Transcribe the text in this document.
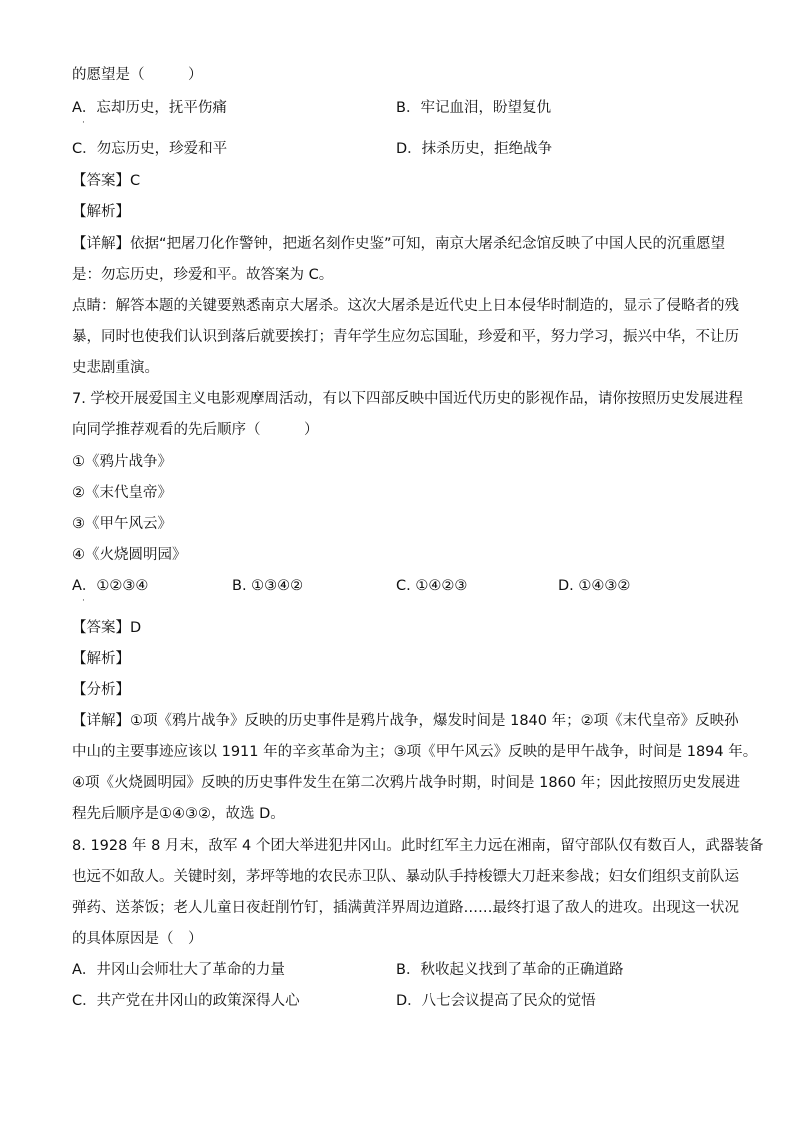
的愿望是（　　　）
A．忘却历史，抚平伤痛
·
B．牢记血泪，盼望复仇
C．勿忘历史，珍爱和平	D．抹杀历史，拒绝战争
【答案】C
【解析】
【详解】依据“把屠刀化作警钟，把逝名刻作史鉴”可知，南京大屠杀纪念馆反映了中国人民的沉重愿望
是：勿忘历史，珍爱和平。故答案为 C。
点睛：解答本题的关键要熟悉南京大屠杀。这次大屠杀是近代史上日本侵华时制造的，显示了侵略者的残
暴，同时也使我们认识到落后就要挨打；青年学生应勿忘国耻，珍爱和平，努力学习，振兴中华，不让历
史悲剧重演。
7. 学校开展爱国主义电影观摩周活动，有以下四部反映中国近代历史的影视作品，请你按照历史发展进程
向同学推荐观看的先后顺序（　　　）
①《鸦片战争》
②《末代皇帝》
③《甲午风云》
④《火烧圆明园》
A．①②③④
·
B. ①③④②	C. ①④②③	D. ①④③②
【答案】D
【解析】
【分析】
【详解】①项《鸦片战争》反映的历史事件是鸦片战争，爆发时间是 1840 年；②项《末代皇帝》反映孙
中山的主要事迹应该以 1911 年的辛亥革命为主；③项《甲午风云》反映的是甲午战争，时间是 1894 年。
④项《火烧圆明园》反映的历史事件发生在第二次鸦片战争时期，时间是 1860 年；因此按照历史发展进
程先后顺序是①④③②，故选 D。
8. 1928 年 8 月末，敌军 4 个团大举进犯井冈山。此时红军主力远在湘南，留守部队仅有数百人，武器装备
也远不如敌人。关键时刻，茅坪等地的农民赤卫队、暴动队手持梭镖大刀赶来参战；妇女们组织支前队运
弹药、送茶饭；老人儿童日夜赶削竹钉，插满黄洋界周边道路……最终打退了敌人的进攻。出现这一状况
的具体原因是（　）
A．井冈山会师壮大了革命的力量	B．秋收起义找到了革命的正确道路
C．共产党在井冈山的政策深得人心	D．八七会议提高了民众的觉悟
